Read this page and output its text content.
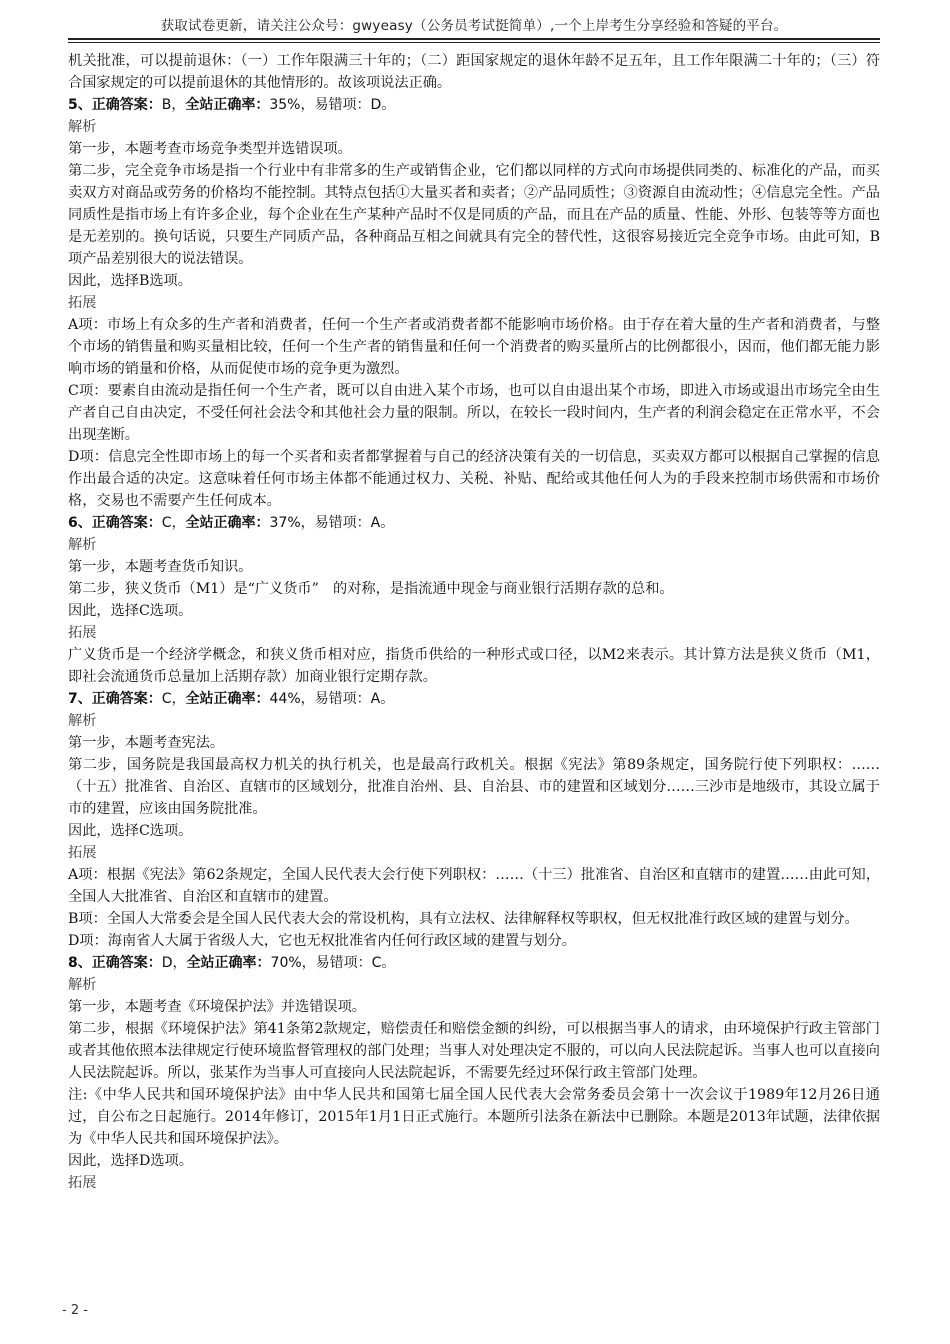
获取试卷更新，请关注公众号：gwyeasy（公务员考试挺简单）,一个上岸考生分享经验和答疑的平台。

机关批准，可以提前退休：（一）工作年限满三十年的；（二）距国家规定的退休年龄不足五年，且工作年限满二十年的；（三）符合国家规定的可以提前退休的其他情形的。故该项说法正确。

5、正确答案：B，全站正确率：35%，易错项：D。

解析

第一步，本题考查市场竞争类型并选错误项。

第二步，完全竞争市场是指一个行业中有非常多的生产或销售企业，它们都以同样的方式向市场提供同类的、标准化的产品，而买卖双方对商品或劳务的价格均不能控制。其特点包括①大量买者和卖者；②产品同质性；③资源自由流动性；④信息完全性。产品同质性是指市场上有许多企业，每个企业在生产某种产品时不仅是同质的产品，而且在产品的质量、性能、外形、包装等等方面也是无差别的。换句话说，只要生产同质产品，各种商品互相之间就具有完全的替代性，这很容易接近完全竞争市场。由此可知，B项产品差别很大的说法错误。

因此，选择B选项。

拓展

A项：市场上有众多的生产者和消费者，任何一个生产者或消费者都不能影响市场价格。由于存在着大量的生产者和消费者，与整个市场的销售量和购买量相比较，任何一个生产者的销售量和任何一个消费者的购买量所占的比例都很小，因而，他们都无能力影响市场的销量和价格，从而促使市场的竞争更为激烈。

C项：要素自由流动是指任何一个生产者，既可以自由进入某个市场，也可以自由退出某个市场，即进入市场或退出市场完全由生产者自己自由决定，不受任何社会法令和其他社会力量的限制。所以，在较长一段时间内，生产者的利润会稳定在正常水平，不会出现垄断。

D项：信息完全性即市场上的每一个买者和卖者都掌握着与自己的经济决策有关的一切信息，买卖双方都可以根据自己掌握的信息作出最合适的决定。这意味着任何市场主体都不能通过权力、关税、补贴、配给或其他任何人为的手段来控制市场供需和市场价格，交易也不需要产生任何成本。

6、正确答案：C，全站正确率：37%，易错项：A。

解析

第一步，本题考查货币知识。

第二步，狭义货币（M1）是“广义货币”　的对称，是指流通中现金与商业银行活期存款的总和。

因此，选择C选项。

拓展

广义货币是一个经济学概念，和狭义货币相对应，指货币供给的一种形式或口径，以M2来表示。其计算方法是狭义货币（M1，即社会流通货币总量加上活期存款）加商业银行定期存款。

7、正确答案：C，全站正确率：44%，易错项：A。

解析

第一步，本题考查宪法。

第二步，国务院是我国最高权力机关的执行机关，也是最高行政机关。根据《宪法》第89条规定，国务院行使下列职权：……（十五）批准省、自治区、直辖市的区域划分，批准自治州、县、自治县、市的建置和区域划分……三沙市是地级市，其设立属于市的建置，应该由国务院批准。

因此，选择C选项。

拓展

A项：根据《宪法》第62条规定，全国人民代表大会行使下列职权：……（十三）批准省、自治区和直辖市的建置……由此可知，全国人大批准省、自治区和直辖市的建置。

B项：全国人大常委会是全国人民代表大会的常设机构，具有立法权、法律解释权等职权，但无权批准行政区域的建置与划分。

D项：海南省人大属于省级人大，它也无权批准省内任何行政区域的建置与划分。

8、正确答案：D，全站正确率：70%，易错项：C。

解析

第一步，本题考查《环境保护法》并选错误项。

第二步，根据《环境保护法》第41条第2款规定，赔偿责任和赔偿金额的纠纷，可以根据当事人的请求，由环境保护行政主管部门或者其他依照本法律规定行使环境监督管理权的部门处理；当事人对处理决定不服的，可以向人民法院起诉。当事人也可以直接向人民法院起诉。所以，张某作为当事人可直接向人民法院起诉，不需要先经过环保行政主管部门处理。

注:《中华人民共和国环境保护法》由中华人民共和国第七届全国人民代表大会常务委员会第十一次会议于1989年12月26日通过，自公布之日起施行。2014年修订，2015年1月1日正式施行。本题所引法条在新法中已删除。本题是2013年试题，法律依据为《中华人民共和国环境保护法》。

因此，选择D选项。

拓展

- 2 -
